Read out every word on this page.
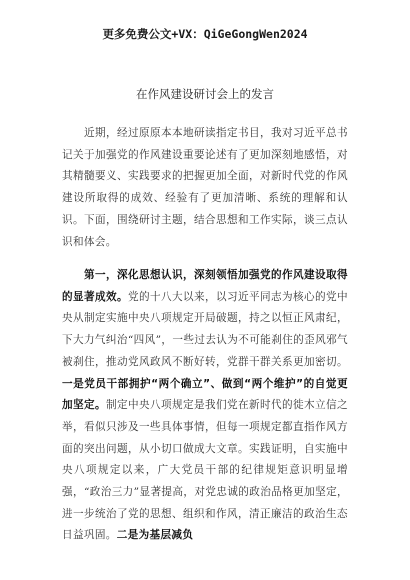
更多免费公文+VX：QiGeGongWen2024
在作风建设研讨会上的发言
近期，经过原原本本地研读指定书目，我对习近平总书记关于加强党的作风建设重要论述有了更加深刻地感悟，对其精髓要义、实践要求的把握更加全面，对新时代党的作风建设所取得的成效、经验有了更加清晰、系统的理解和认识。下面，围绕研讨主题，结合思想和工作实际，谈三点认识和体会。
第一，深化思想认识，深刻领悟加强党的作风建设取得的显著成效。党的十八大以来，以习近平同志为核心的党中央从制定实施中央八项规定开局破题，持之以恒正风肃纪，下大力气纠治“四风”，一些过去认为不可能刹住的歪风邪气被刹住，推动党风政风不断好转，党群干群关系更加密切。一是党员干部拥护“两个确立”、做到“两个维护”的自觉更加坚定。制定中央八项规定是我们党在新时代的徙木立信之举，看似只涉及一些具体事情，但每一项规定都直指作风方面的突出问题，从小切口做成大文章。实践证明，自实施中央八项规定以来，广大党员干部的纪律规矩意识明显增强，“政治三力”显著提高，对党忠诚的政治品格更加坚定，进一步统治了党的思想、组织和作风，清正廉洁的政治生态日益巩固。二是为基层减负
